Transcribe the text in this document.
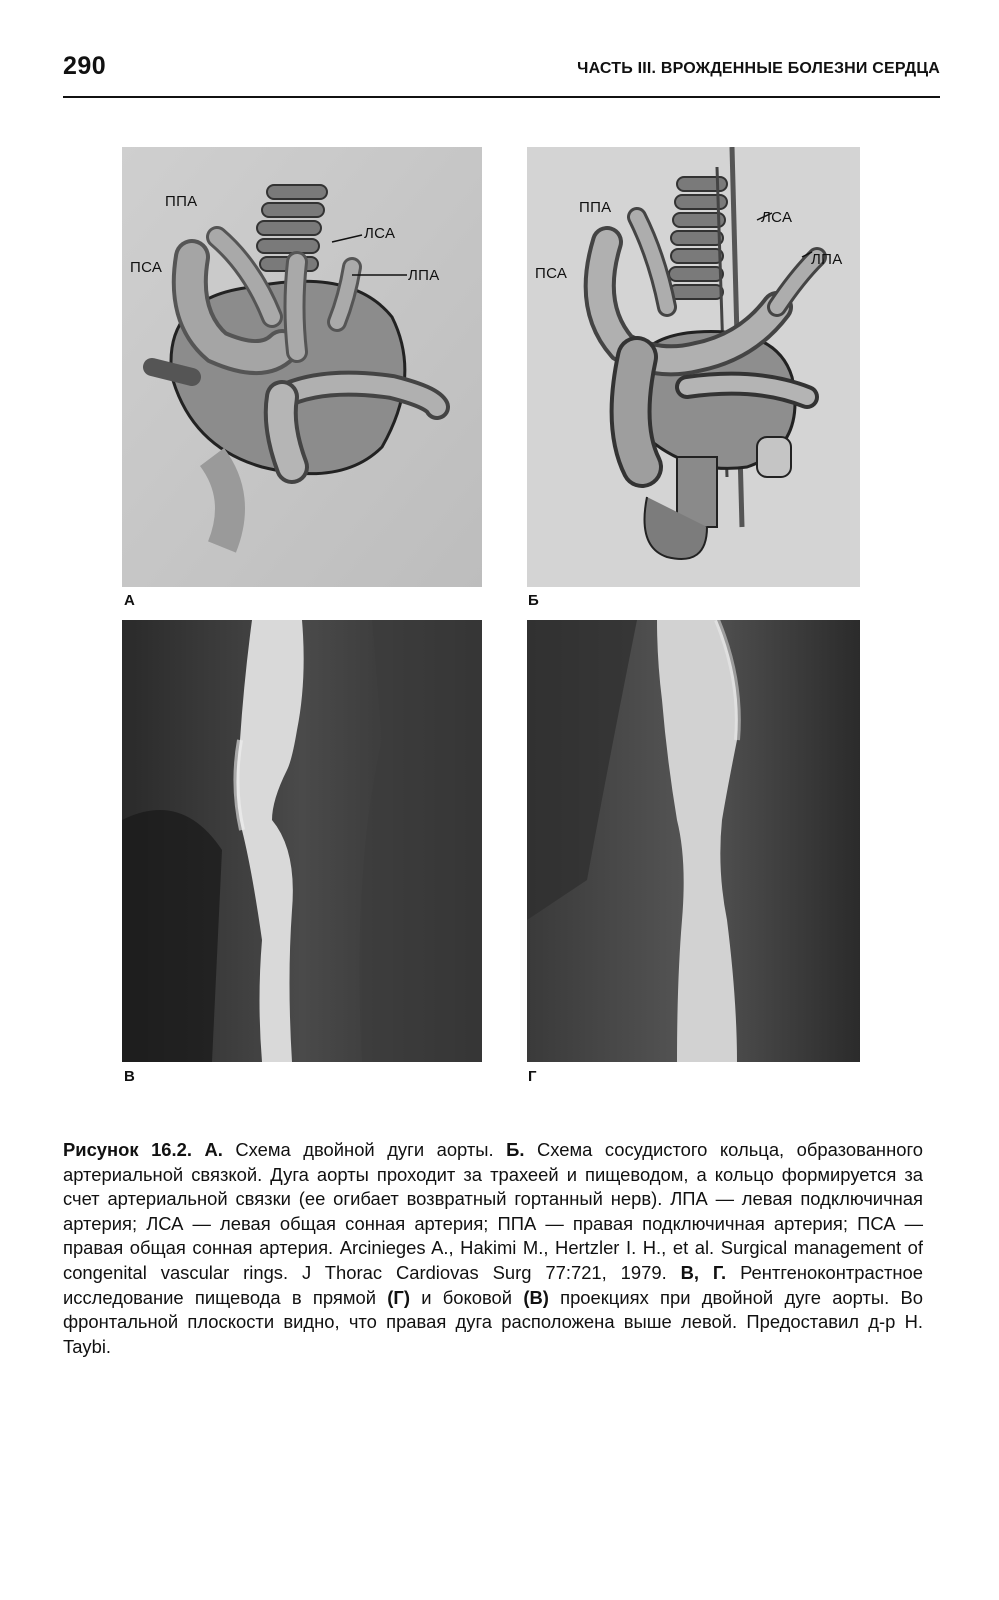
290	ЧАСТЬ III. ВРОЖДЕННЫЕ БОЛЕЗНИ СЕРДЦА
ППА
ПСА
ЛСА
ЛПА
ППА
ПСА
ЛСА
ЛПА
А	Б
В	Г

Рисунок 16.2. А. Схема двойной дуги аорты. Б. Схема сосудистого кольца, образованного артериальной связкой. Дуга аорты проходит за трахеей и пищеводом, а кольцо формируется за счет артериальной связки (ее огибает возвратный гортанный нерв). ЛПА — левая подключичная артерия; ЛСА — левая общая сонная артерия; ППА — правая подключичная артерия; ПСА — правая общая сонная артерия. Arcinieges A., Hakimi M., Hertzler I. H., et al. Surgical management of congenital vascular rings. J Thorac Cardiovas Surg 77:721, 1979. В, Г. Рентгеноконтрастное исследование пищевода в прямой (Г) и боковой (В) проекциях при двойной дуге аорты. Во фронтальной плоскости видно, что правая дуга расположена выше левой. Предоставил д-р H. Taybi.
